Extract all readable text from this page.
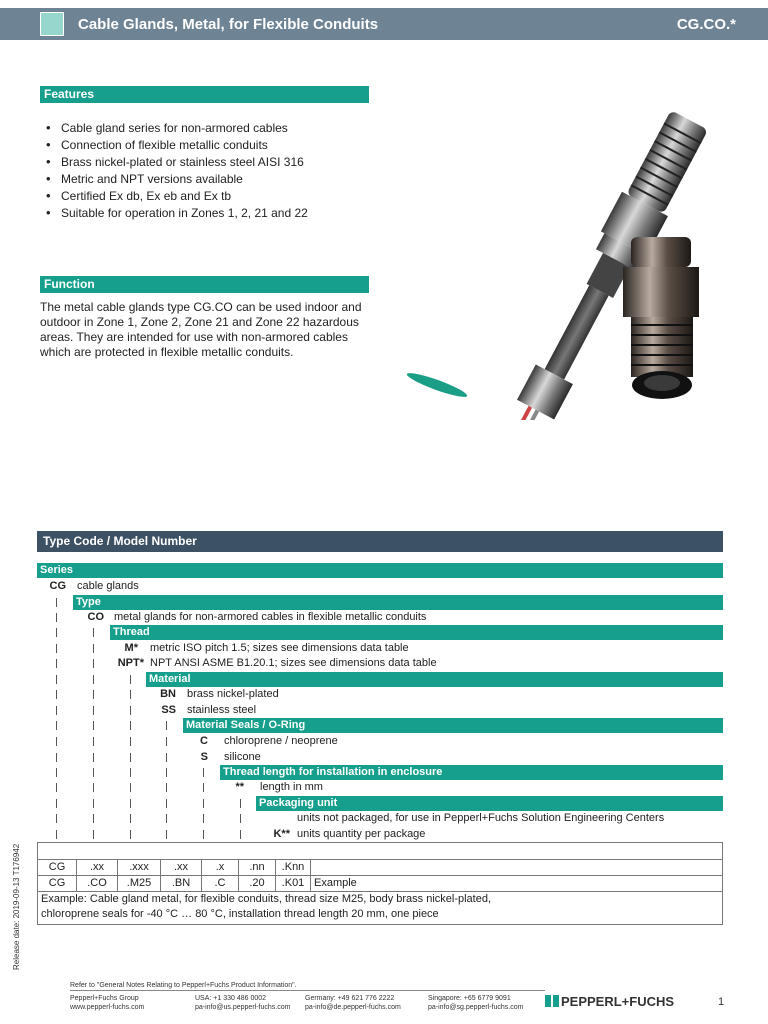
Cable Glands, Metal, for Flexible Conduits	CG.CO.*
Features
• Cable gland series for non-armored cables
• Connection of flexible metallic conduits
• Brass nickel-plated or stainless steel AISI 316
• Metric and NPT versions available
• Certified Ex db, Ex eb and Ex tb
• Suitable for operation in Zones 1, 2, 21 and 22
Function
The metal cable glands type CG.CO can be used indoor and outdoor in Zone 1, Zone 2, Zone 21 and Zone 22 hazardous areas. They are intended for use with non-armored cables which are protected in flexible metallic conduits.
Type Code / Model Number
Series
Type
Thread
Material
Material Seals / O-Ring
Thread length for installation in enclosure
Packaging unit
CG cable glands
CO metal glands for non-armored cables in flexible metallic conduits
M* metric ISO pitch 1.5; sizes see dimensions data table
NPT* NPT ANSI ASME B1.20.1; sizes see dimensions data table
BN brass nickel-plated
SS stainless steel
C chloroprene / neoprene
S silicone
** length in mm
units not packaged, for use in Pepperl+Fuchs Solution Engineering Centers
K** units quantity per package

CG	.xx	.xxx	.xx	.x	.nn	.Knn	
CG	.CO	.M25	.BN	.C	.20	.K01	Example

Example: Cable gland metal, for flexible conduits, thread size M25, body brass nickel-plated,
chloroprene seals for -40 °C … 80 °C, installation thread length 20 mm, one piece							
Release date: 2019-09-13 T176942
Refer to "General Notes Relating to Pepperl+Fuchs Product Information".
Pepperl+Fuchs Group
www.pepperl-fuchs.com
USA: +1 330 486 0002
pa-info@us.pepperl-fuchs.com
Germany: +49 621 776 2222
pa-info@de.pepperl-fuchs.com
Singapore: +65 6779 9091
pa-info@sg.pepperl-fuchs.com	PEPPERL+FUCHS	1
